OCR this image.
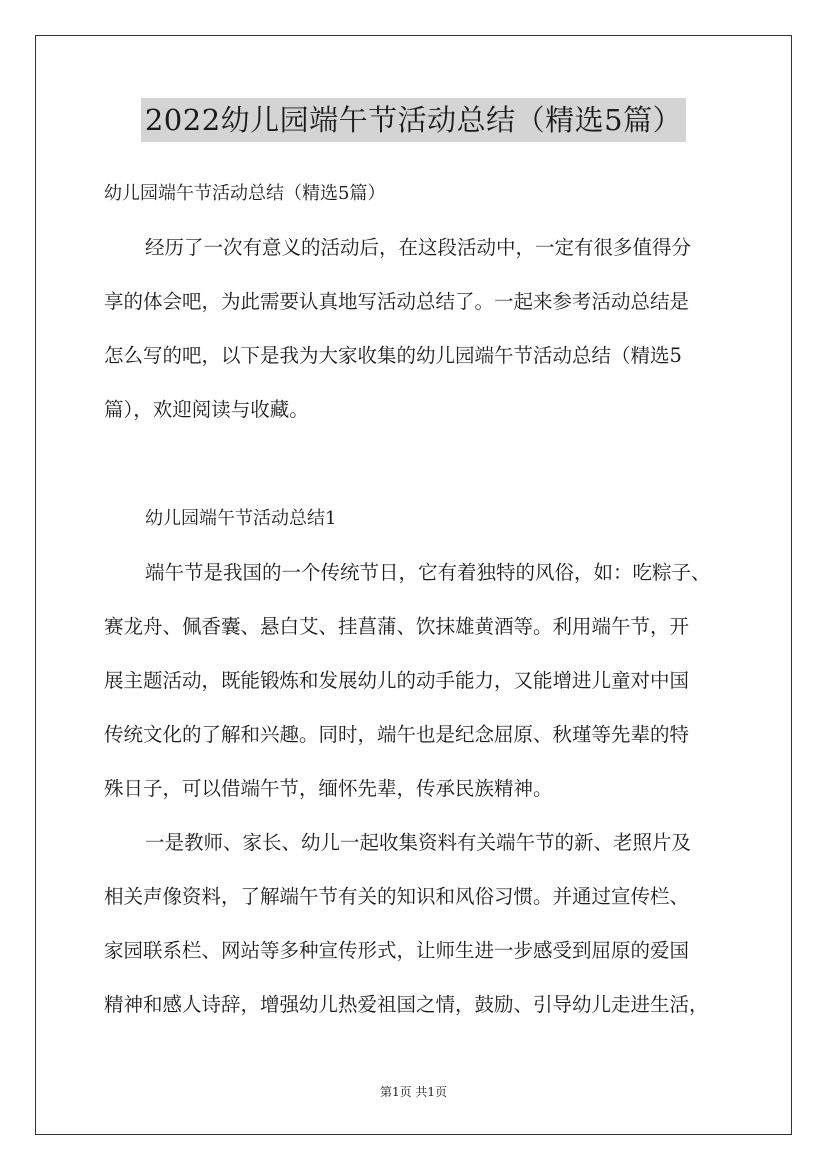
2022幼儿园端午节活动总结（精选5篇）
幼儿园端午节活动总结（精选5篇）
经历了一次有意义的活动后，在这段活动中，一定有很多值得分
享的体会吧，为此需要认真地写活动总结了。一起来参考活动总结是
怎么写的吧，以下是我为大家收集的幼儿园端午节活动总结（精选5
篇），欢迎阅读与收藏。
幼儿园端午节活动总结1
端午节是我国的一个传统节日，它有着独特的风俗，如：吃粽子、
赛龙舟、佩香囊、悬白艾、挂菖蒲、饮抹雄黄酒等。利用端午节，开
展主题活动，既能锻炼和发展幼儿的动手能力，又能增进儿童对中国
传统文化的了解和兴趣。同时，端午也是纪念屈原、秋瑾等先辈的特
殊日子，可以借端午节，缅怀先辈，传承民族精神。
一是教师、家长、幼儿一起收集资料有关端午节的新、老照片及
相关声像资料，了解端午节有关的知识和风俗习惯。并通过宣传栏、
家园联系栏、网站等多种宣传形式，让师生进一步感受到屈原的爱国
精神和感人诗辞，增强幼儿热爱祖国之情，鼓励、引导幼儿走进生活，
第1页 共1页
